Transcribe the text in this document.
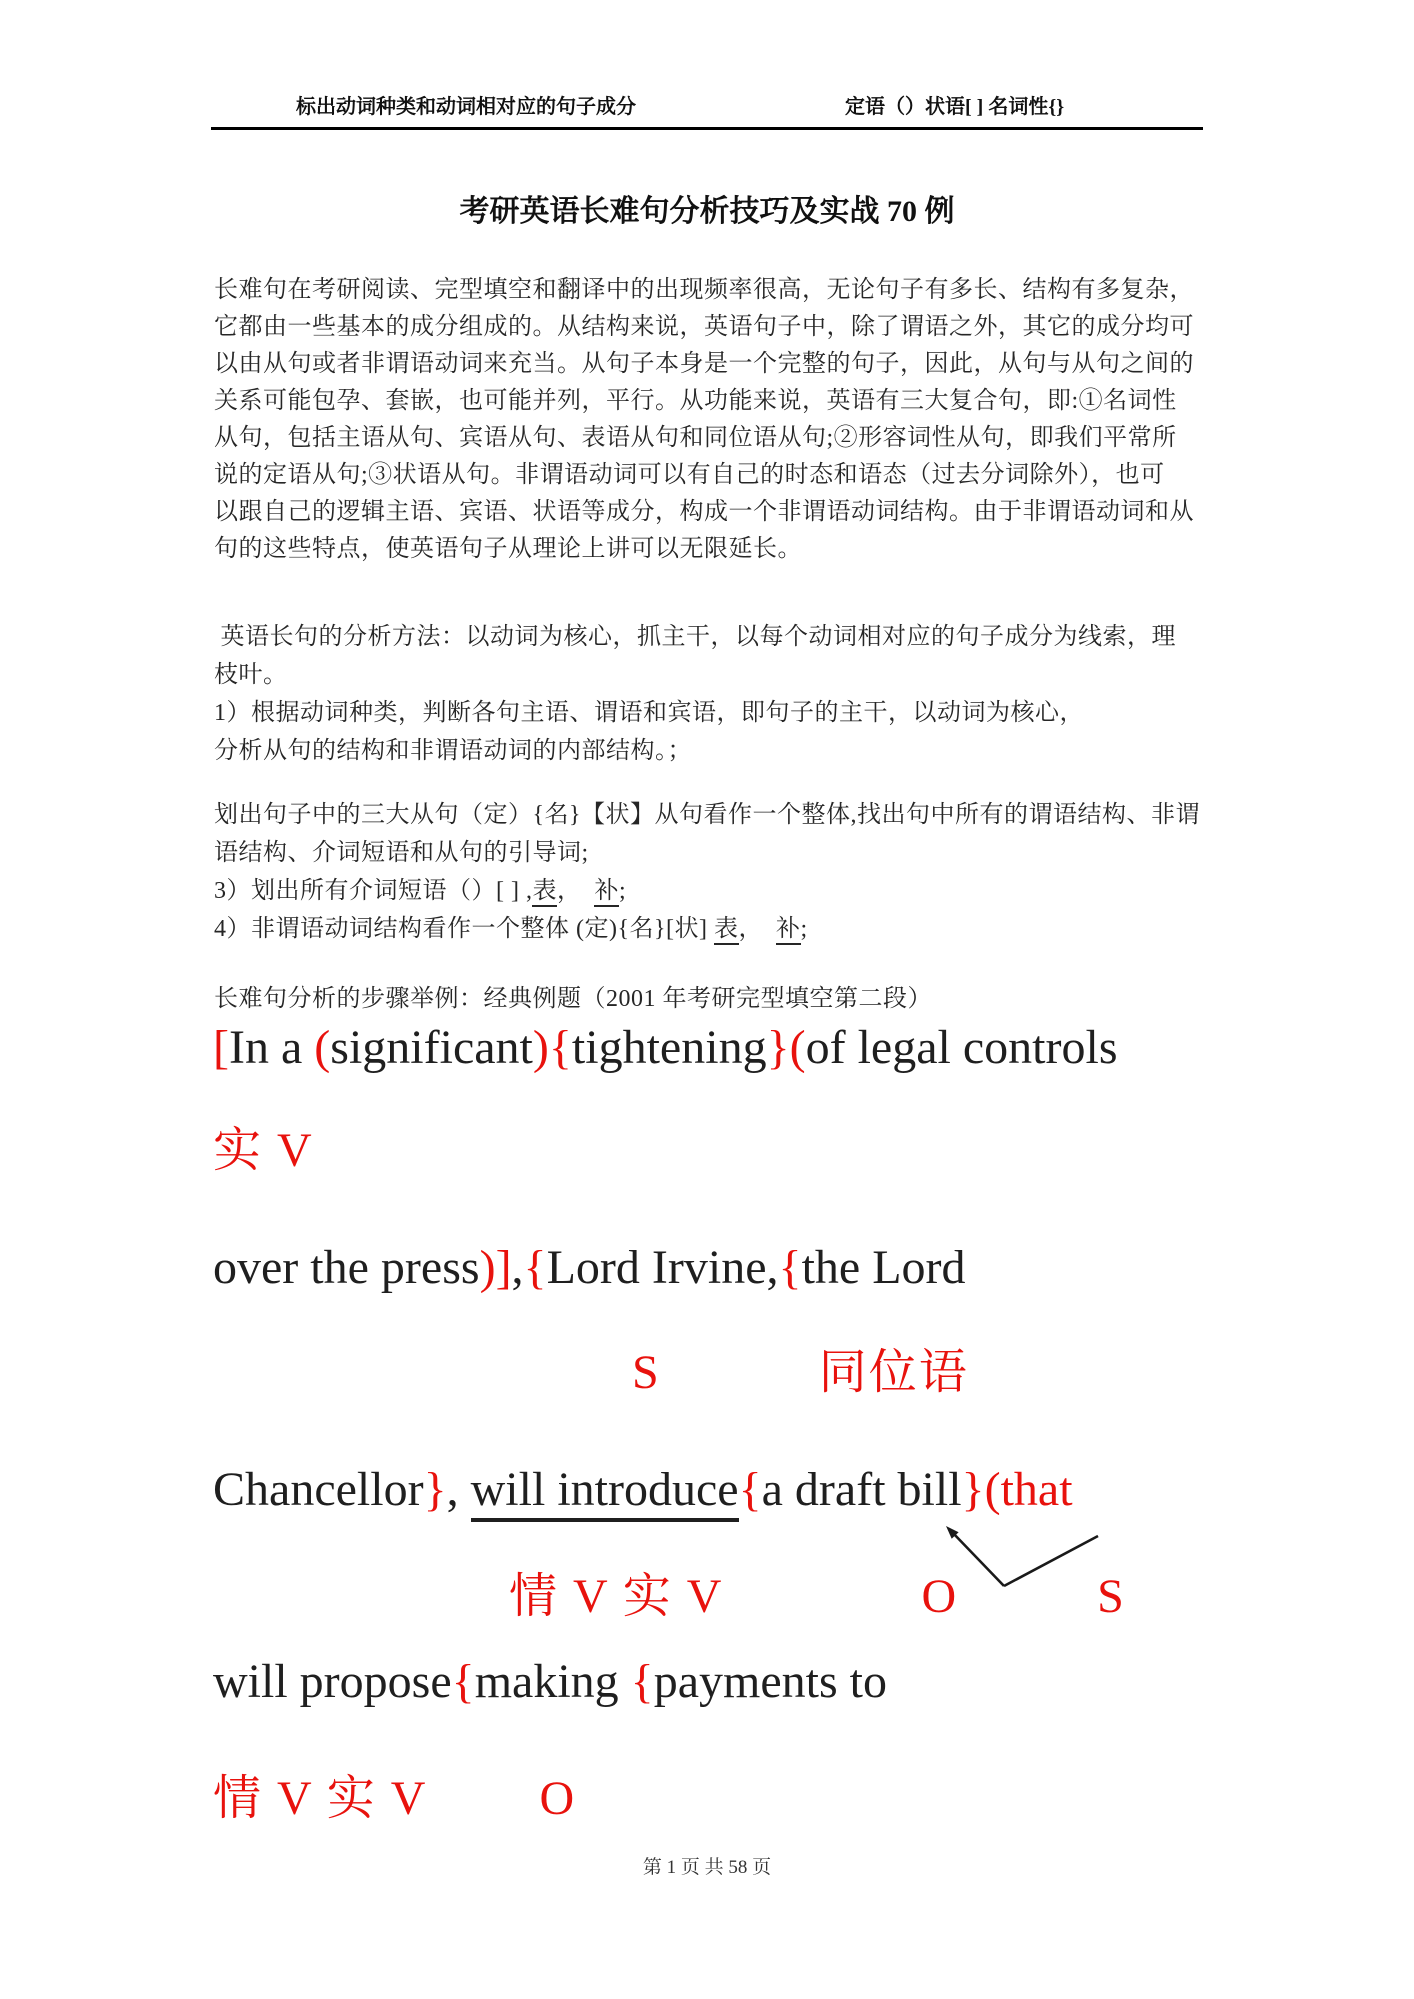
标出动词种类和动词相对应的句子成分	定语（）状语[ ] 名词性{}
考研英语长难句分析技巧及实战 70 例
长难句在考研阅读、完型填空和翻译中的出现频率很高，无论句子有多长、结构有多复杂，
它都由一些基本的成分组成的。从结构来说，英语句子中，除了谓语之外，其它的成分均可
以由从句或者非谓语动词来充当。从句子本身是一个完整的句子，因此，从句与从句之间的
关系可能包孕、套嵌，也可能并列，平行。从功能来说，英语有三大复合句，即:①名词性
从句，包括主语从句、宾语从句、表语从句和同位语从句;②形容词性从句，即我们平常所
说的定语从句;③状语从句。非谓语动词可以有自己的时态和语态（过去分词除外），也可
以跟自己的逻辑主语、宾语、状语等成分，构成一个非谓语动词结构。由于非谓语动词和从
句的这些特点，使英语句子从理论上讲可以无限延长。
英语长句的分析方法：以动词为核心，抓主干，以每个动词相对应的句子成分为线索，理
枝叶。
1）根据动词种类，判断各句主语、谓语和宾语，即句子的主干，以动词为核心，
分析从句的结构和非谓语动词的内部结构。；
划出句子中的三大从句（定）{名}【状】从句看作一个整体,找出句中所有的谓语结构、非谓
语结构、介词短语和从句的引导词;
3）划出所有介词短语（）[ ] ,表，  补;
4）非谓语动词结构看作一个整体 (定){名}[状] 表，  补;
长难句分析的步骤举例：经典例题（2001 年考研完型填空第二段）
[In a (significant){tightening}(of legal controls
实 V
over the press)],{Lord Irvine,{the Lord
S	同位语
Chancellor}, will introduce{a draft bill}(that
情 V 实 V	O	S
will propose{making {payments to
情 V 实 V O
第 1 页 共 58 页
